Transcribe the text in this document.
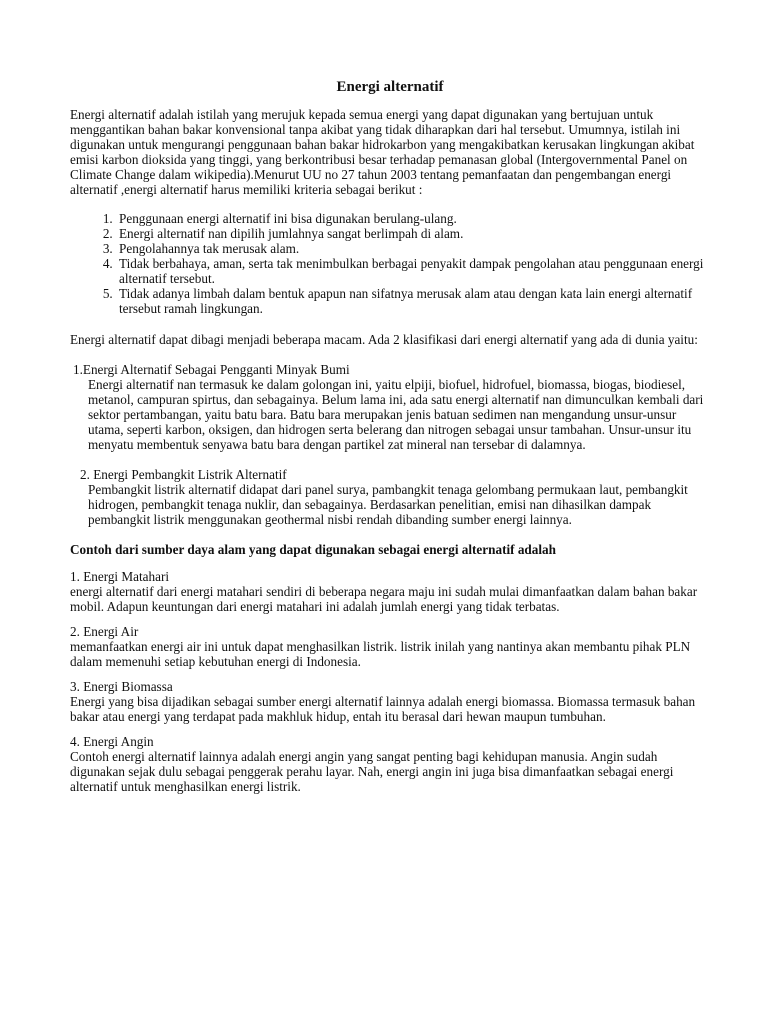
Energi alternatif

Energi alternatif adalah istilah yang merujuk kepada semua energi yang dapat digunakan yang bertujuan untuk menggantikan bahan bakar konvensional tanpa akibat yang tidak diharapkan dari hal tersebut. Umumnya, istilah ini digunakan untuk mengurangi penggunaan bahan bakar hidrokarbon yang mengakibatkan kerusakan lingkungan akibat emisi karbon dioksida yang tinggi, yang berkontribusi besar terhadap pemanasan global (Intergovernmental Panel on Climate Change dalam wikipedia).Menurut UU no 27 tahun 2003 tentang pemanfaatan dan pengembangan energi alternatif ,energi alternatif harus memiliki kriteria sebagai berikut :

1. Penggunaan energi alternatif ini bisa digunakan berulang-ulang.
2. Energi alternatif nan dipilih jumlahnya sangat berlimpah di alam.
3. Pengolahannya tak merusak alam.
4. Tidak berbahaya, aman, serta tak menimbulkan berbagai penyakit dampak pengolahan atau penggunaan energi alternatif tersebut.
5. Tidak adanya limbah dalam bentuk apapun nan sifatnya merusak alam atau dengan kata lain energi alternatif tersebut ramah lingkungan.

Energi alternatif dapat dibagi menjadi beberapa macam. Ada 2 klasifikasi dari energi alternatif yang ada di dunia yaitu:

1.Energi Alternatif Sebagai Pengganti Minyak Bumi
Energi alternatif nan termasuk ke dalam golongan ini, yaitu elpiji, biofuel, hidrofuel, biomassa, biogas, biodiesel, metanol, campuran spirtus, dan sebagainya. Belum lama ini, ada satu energi alternatif nan dimunculkan kembali dari sektor pertambangan, yaitu batu bara. Batu bara merupakan jenis batuan sedimen nan mengandung unsur-unsur utama, seperti karbon, oksigen, dan hidrogen serta belerang dan nitrogen sebagai unsur tambahan. Unsur-unsur itu menyatu membentuk senyawa batu bara dengan partikel zat mineral nan tersebar di dalamnya.
2. Energi Pembangkit Listrik Alternatif
Pembangkit listrik alternatif didapat dari panel surya, pambangkit tenaga gelombang permukaan laut, pembangkit hidrogen, pembangkit tenaga nuklir, dan sebagainya. Berdasarkan penelitian, emisi nan dihasilkan dampak pembangkit listrik menggunakan geothermal nisbi rendah dibanding sumber energi lainnya.
Contoh dari sumber daya alam yang dapat digunakan sebagai energi alternatif adalah
1. Energi Matahari
energi alternatif dari energi matahari sendiri di beberapa negara maju ini sudah mulai dimanfaatkan dalam bahan bakar mobil. Adapun keuntungan dari energi matahari ini adalah jumlah energi yang tidak terbatas.
2. Energi Air
memanfaatkan energi air ini untuk dapat menghasilkan listrik. listrik inilah yang nantinya akan membantu pihak PLN dalam memenuhi setiap kebutuhan energi di Indonesia.
3. Energi Biomassa
Energi yang bisa dijadikan sebagai sumber energi alternatif lainnya adalah energi biomassa. Biomassa termasuk bahan bakar atau energi yang terdapat pada makhluk hidup, entah itu berasal dari hewan maupun tumbuhan.
4. Energi Angin
Contoh energi alternatif lainnya adalah energi angin yang sangat penting bagi kehidupan manusia. Angin sudah digunakan sejak dulu sebagai penggerak perahu layar. Nah, energi angin ini juga bisa dimanfaatkan sebagai energi alternatif untuk menghasilkan energi listrik.
